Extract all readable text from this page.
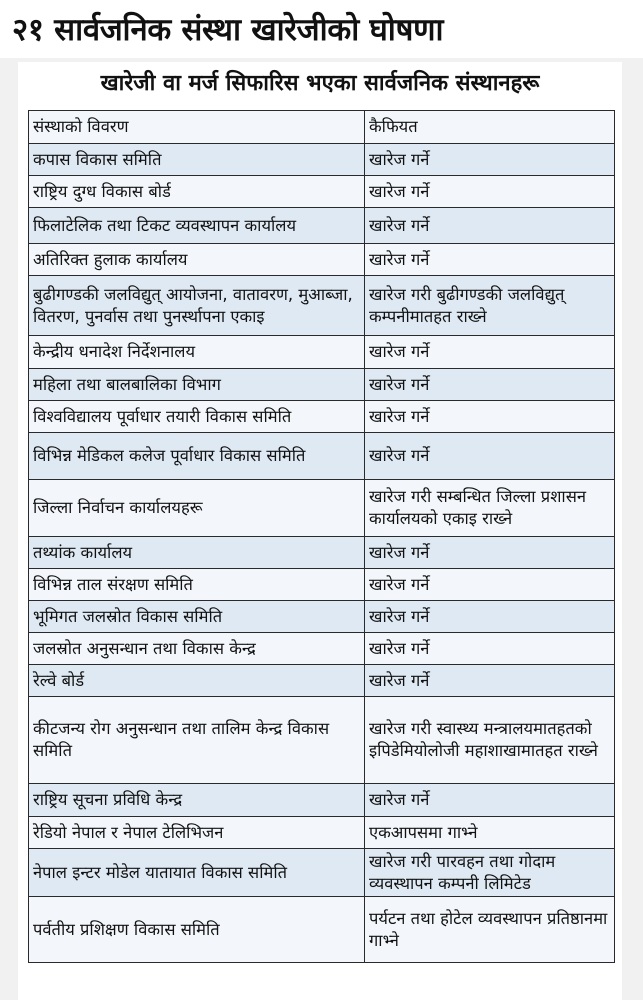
२१ सार्वजनिक संस्था खारेजीको घोषणा
खारेजी वा मर्ज सिफारिस भएका सार्वजनिक संस्थानहरू
संस्थाको विवरण	कैफियत
कपास विकास समिति	खारेज गर्ने
राष्ट्रिय दुग्ध विकास बोर्ड	खारेज गर्ने
फिलाटेलिक तथा टिकट व्यवस्थापन कार्यालय	खारेज गर्ने
अतिरिक्त हुलाक कार्यालय	खारेज गर्ने
बुढीगण्डकी जलविद्युत् आयोजना, वातावरण, मुआब्जा, वितरण, पुनर्वास तथा पुनर्स्थापना एकाइ	खारेज गरी बुढीगण्डकी जलविद्युत् कम्पनीमातहत राख्ने
केन्द्रीय धनादेश निर्देशनालय	खारेज गर्ने
महिला तथा बालबालिका विभाग	खारेज गर्ने
विश्वविद्यालय पूर्वाधार तयारी विकास समिति	खारेज गर्ने
विभिन्न मेडिकल कलेज पूर्वाधार विकास समिति	खारेज गर्ने
जिल्ला निर्वाचन कार्यालयहरू	खारेज गरी सम्बन्धित जिल्ला प्रशासन कार्यालयको एकाइ राख्ने
तथ्यांक कार्यालय	खारेज गर्ने
विभिन्न ताल संरक्षण समिति	खारेज गर्ने
भूमिगत जलस्रोत विकास समिति	खारेज गर्ने
जलस्रोत अनुसन्धान तथा विकास केन्द्र	खारेज गर्ने
रेल्वे बोर्ड	खारेज गर्ने
कीटजन्य रोग अनुसन्धान तथा तालिम केन्द्र विकास समिति	खारेज गरी स्वास्थ्य मन्त्रालयमातहतको इपिडेमियोलोजी महाशाखामातहत राख्ने
राष्ट्रिय सूचना प्रविधि केन्द्र	खारेज गर्ने
रेडियो नेपाल र नेपाल टेलिभिजन	एकआपसमा गाभ्ने
नेपाल इन्टर मोडेल यातायात विकास समिति	खारेज गरी पारवहन तथा गोदाम व्यवस्थापन कम्पनी लिमिटेड
पर्वतीय प्रशिक्षण विकास समिति	पर्यटन तथा होटेल व्यवस्थापन प्रतिष्ठानमा गाभ्ने
